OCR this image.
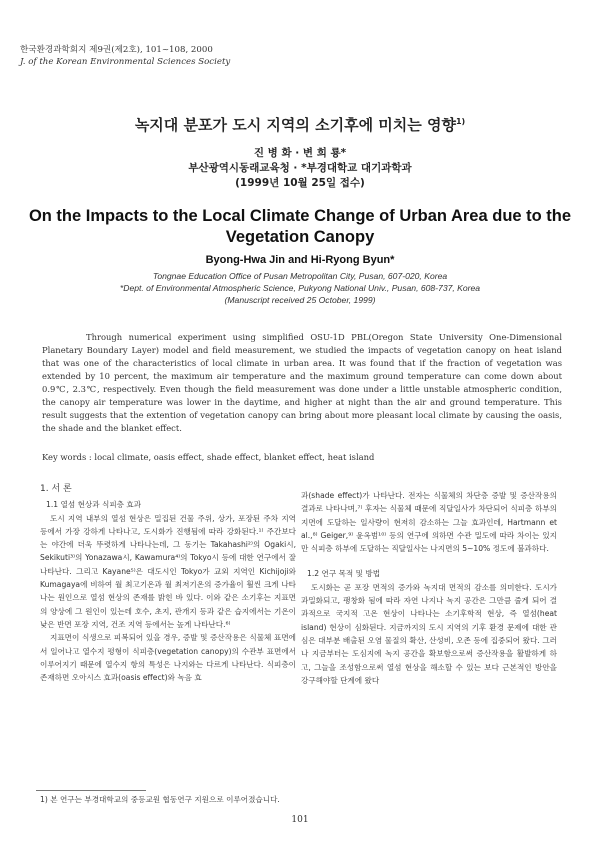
한국환경과학회지 제9권(제2호), 101~108, 2000
J. of the Korean Environmental Sciences Society
녹지대 분포가 도시 지역의 소기후에 미치는 영향$^{1)}$
진 병 화 · 변 희 룡*
부산광역시동래교육청 · *부경대학교 대기과학과
(1999년 10월 25일 접수)
On the Impacts to the Local Climate Change of Urban Area due to the Vegetation Canopy
Byong-Hwa Jin and Hi-Ryong Byun*
Tongnae Education Office of Pusan Metropolitan City, Pusan, 607-020, Korea
*Dept. of Environmental Atmospheric Science, Pukyong National Univ., Pusan, 608-737, Korea
(Manuscript received 25 October, 1999)
Through numerical experiment using simplified OSU-1D PBL(Oregon State University One-Dimensional Planetary Boundary Layer) model and field measurement, we studied the impacts of vegetation canopy on heat island that was one of the characteristics of local climate in urban area. It was found that if the fraction of vegetation was extended by 10 percent, the maximum air temperature and the maximum ground temperature can come down about 0.9℃, 2.3℃, respectively. Even though the field measurement was done under a little unstable atmospheric condition, the canopy air temperature was lower in the daytime, and higher at night than the air and ground temperature. This result suggests that the extention of vegetation canopy can bring about more pleasant local climate by causing the oasis, the shade and the blanket effect.
Key words : local climate, oasis effect, shade effect, blanket effect, heat island

1. 서 론

1.1 열섬 현상과 식피층 효과

도시 지역 내부의 열섬 현상은 밀집된 건물 주위, 상가, 포장된 주차 지역 등에서 가장 강하게 나타나고, 도시화가 진행됨에 따라 강화된다.¹⁾ 주간보다는 야간에 더욱 뚜렷하게 나타나는데, 그 동기는 Takahashi²⁾의 Ogaki시, Sekikuti³⁾의 Yonazawa시, Kawamura⁴⁾의 Tokyo시 등에 대한 연구에서 잘 나타난다. 그리고 Kayane⁵⁾은 대도시인 Tokyo가 교외 지역인 Kichijoji와 Kumagaya에 비하여 월 최고기온과 월 최저기온의 증가율이 훨씬 크게 나타나는 원인으로 열섬 현상의 존재를 밝힌 바 있다. 이와 같은 소기후는 지표면의 양상에 그 원인이 있는데 호수, 초지, 관개지 등과 같은 습지에서는 기온이 낮은 반면 포장 지역, 건조 지역 등에서는 높게 나타난다.⁶⁾

지표면이 식생으로 피복되어 있을 경우, 증발 및 증산작용은 식물체 표면에서 일어나고 열수지 평형이 식피층(vegetation canopy)의 수관부 표면에서 이루어지기 때문에 열수지 항의 특성은 나지와는 다르게 나타난다. 식피층이 존재하면 오아시스 효과(oasis effect)와 녹음 효

과(shade effect)가 나타난다. 전자는 식물체의 차단층 증발 및 증산작용의 결과로 나타나며,⁷⁾ 후자는 식물체 때문에 직달일사가 차단되어 식피층 하부의 지면에 도달하는 일사량이 현저히 감소하는 그늘 효과인데, Hartmann et al.,⁸⁾ Geiger,⁹⁾ 윤옥범¹⁰⁾ 등의 연구에 의하면 수관 밀도에 따라 차이는 있지만 식피층 하부에 도달하는 직달일사는 나지면의 5~10% 정도에 불과하다.

1.2 연구 목적 및 방법

도시화는 곧 포장 면적의 증가와 녹지대 면적의 감소를 의미한다. 도시가 과밀화되고, 팽창화 됨에 따라 자연 나지나 녹지 공간은 그만큼 줄게 되어 결과적으로 국지적 고온 현상이 나타나는 소기후학적 현상, 즉 열섬(heat island) 현상이 심화된다. 지금까지의 도시 지역의 기후 환경 문제에 대한 관심은 대부분 배출된 오염 물질의 확산, 산성비, 오존 등에 집중되어 왔다. 그러나 지금부터는 도심지에 녹지 공간을 확보함으로써 증산작용을 활발하게 하고, 그늘을 조성함으로써 열섬 현상을 해소할 수 있는 보다 근본적인 방안을 강구해야할 단계에 왔다

1) 본 연구는 부경대학교의 중등교원 협동연구 지원으로 이루어졌습니다.
101
